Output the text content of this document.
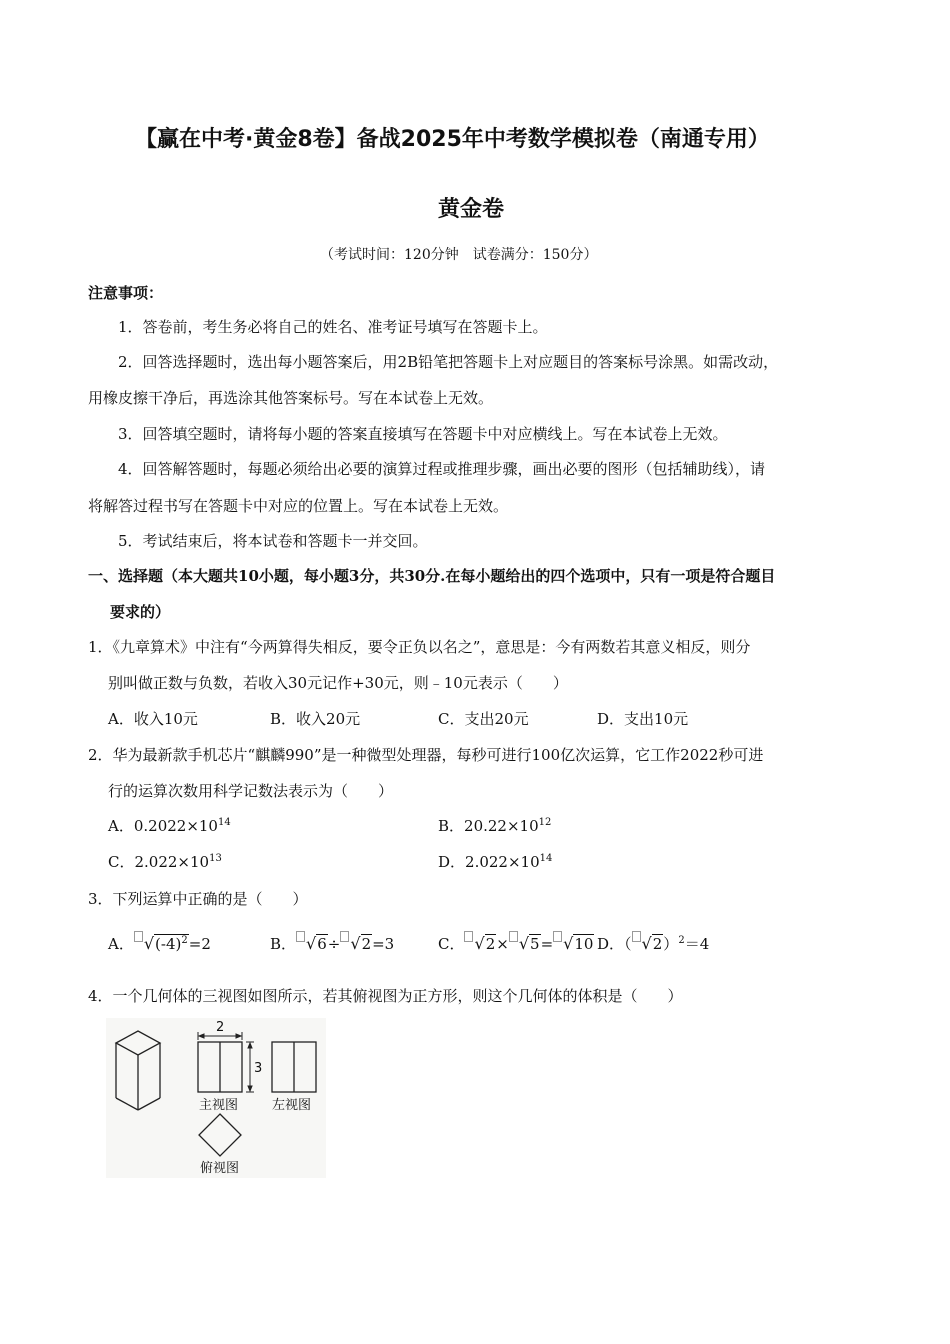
【赢在中考·黄金8卷】备战2025年中考数学模拟卷（南通专用）
黄金卷
（考试时间：120分钟　试卷满分：150分）
注意事项：
1．答卷前，考生务必将自己的姓名、准考证号填写在答题卡上。
2．回答选择题时，选出每小题答案后，用2B铅笔把答题卡上对应题目的答案标号涂黑。如需改动，
用橡皮擦干净后，再选涂其他答案标号。写在本试卷上无效。
3．回答填空题时，请将每小题的答案直接填写在答题卡中对应横线上。写在本试卷上无效。
4．回答解答题时，每题必须给出必要的演算过程或推理步骤，画出必要的图形（包括辅助线），请
将解答过程书写在答题卡中对应的位置上。写在本试卷上无效。
5．考试结束后，将本试卷和答题卡一并交回。
一、选择题（本大题共10小题，每小题3分，共30分.在每小题给出的四个选项中，只有一项是符合题目
要求的）
1．《九章算术》中注有“今两算得失相反，要令正负以名之”，意思是：今有两数若其意义相反，则分
别叫做正数与负数，若收入30元记作+30元，则﹣10元表示（　　）
A．收入10元	B．收入20元	C．支出20元	D．支出10元
2．华为最新款手机芯片“麒麟990”是一种微型处理器，每秒可进行100亿次运算，它工作2022秒可进
行的运算次数用科学记数法表示为（　　）
A．$0.2022\times 10^{14}$	B．$20.22\times 10^{12}$
C．$2.022\times 10^{13}$	D．$2.022\times 10^{14}$
3．下列运算中正确的是（　　）
A． $√(-4)^2=2$	B． √6÷ √2=3	C． √2× √5= √10 D．（ √2）$^2$＝4
4．一个几何体的三视图如图所示，若其俯视图为正方形，则这个几何体的体积是（　　）
2
3
主视图	左视图
俯视图
